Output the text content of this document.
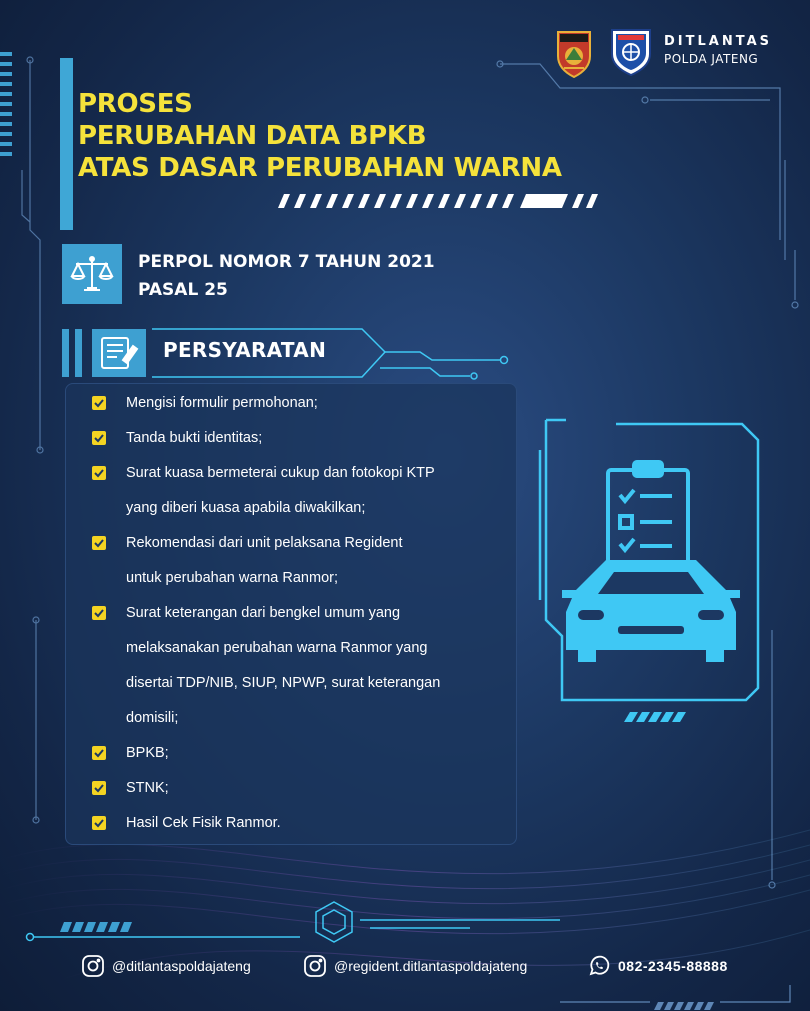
DITLANTAS
POLDA JATENG
PROSES
PERUBAHAN DATA BPKB
ATAS DASAR PERUBAHAN WARNA
PERPOL NOMOR 7 TAHUN 2021
PASAL 25
PERSYARATAN
Mengisi formulir permohonan;
Tanda bukti identitas;
Surat kuasa bermeterai cukup dan fotokopi KTP
yang diberi kuasa apabila diwakilkan;
Rekomendasi dari unit pelaksana Regident
untuk perubahan warna Ranmor;
Surat keterangan dari bengkel umum yang
melaksanakan perubahan warna Ranmor yang
disertai TDP/NIB, SIUP, NPWP, surat keterangan
domisili;
BPKB;
STNK;
Hasil Cek Fisik Ranmor.
@ditlantaspoldajateng	@regident.ditlantaspoldajateng	082-2345-88888
